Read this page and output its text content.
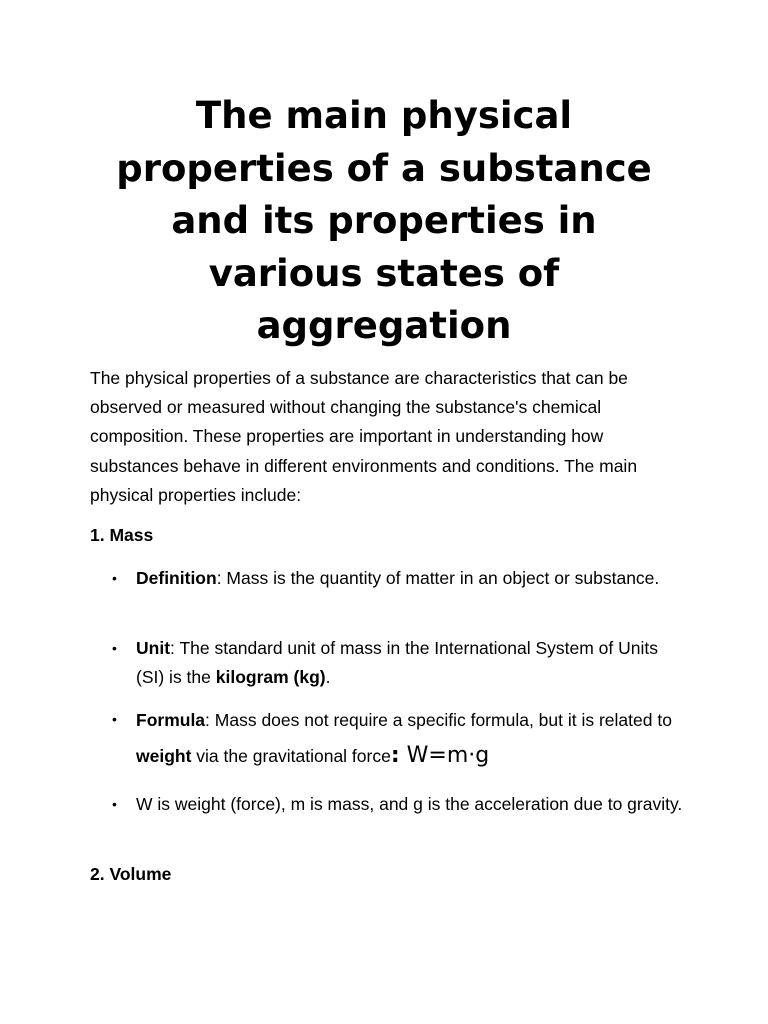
The main physical properties of a substance and its properties in various states of aggregation

The physical properties of a substance are characteristics that can be observed or measured without changing the substance's chemical composition. These properties are important in understanding how substances behave in different environments and conditions. The main physical properties include:

1. Mass
• Definition: Mass is the quantity of matter in an object or substance.
• Unit: The standard unit of mass in the International System of Units (SI) is the kilogram (kg).
• Formula: Mass does not require a specific formula, but it is related to weight via the gravitational force: W=m·g
• W is weight (force), m is mass, and g is the acceleration due to gravity.
2. Volume
